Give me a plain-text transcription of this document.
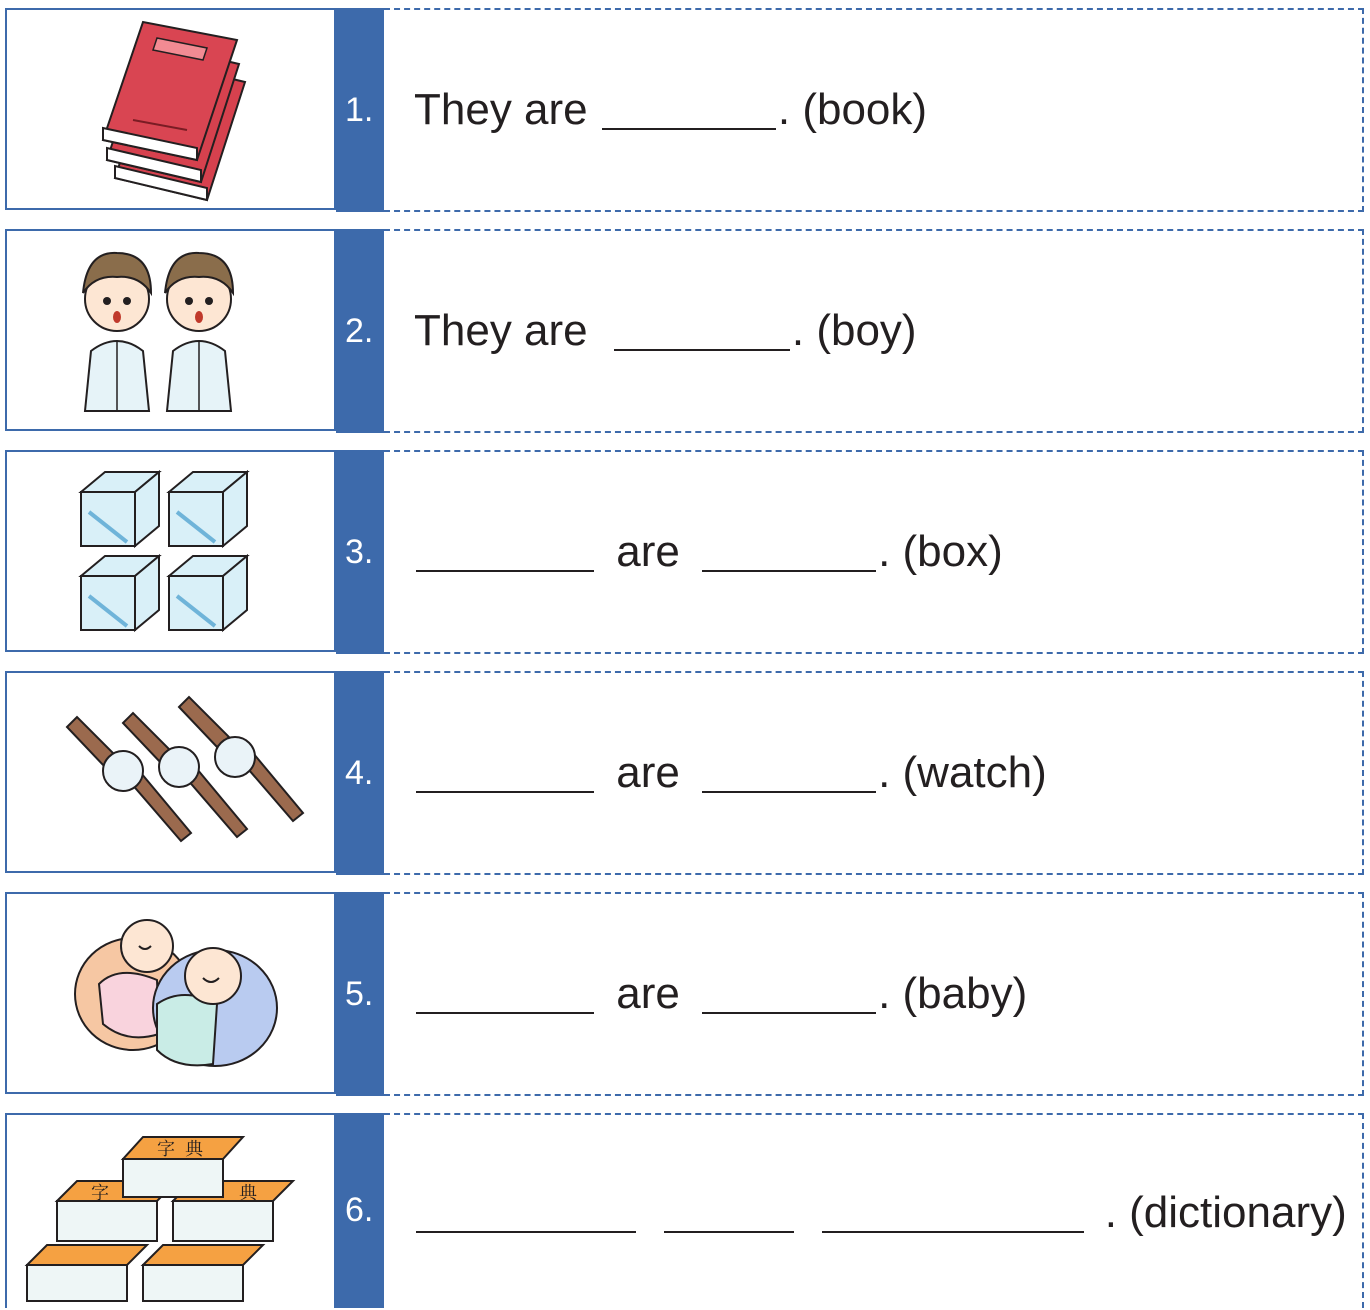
1. They are	. (book)
2. They are	. (boy)
3.	are	. (box)
4.	are	. (watch)
5.	are	. (baby)
字 典
字	典	6.	. (dictionary)
